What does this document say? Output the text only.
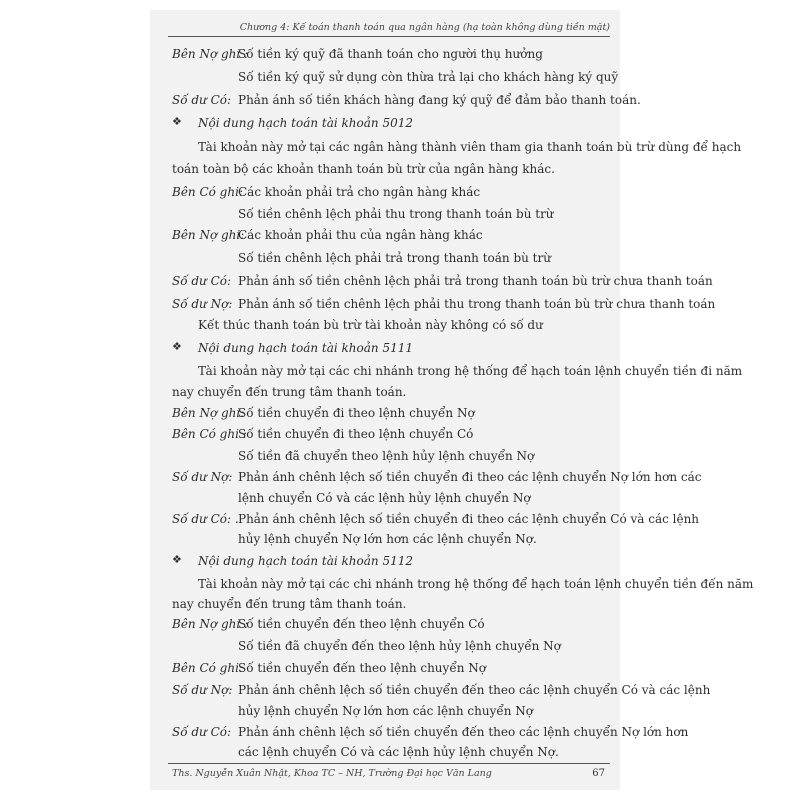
Chương 4: Kế toán thanh toán qua ngân hàng (hạ toàn không dùng tiền mặt)
Bên Nợ ghi :
Số tiền ký quỹ đã thanh toán cho người thụ hưởng
Số tiền ký quỹ sử dụng còn thừa trả lại cho khách hàng ký quỹ
Số dư Có: Phản ánh số tiền khách hàng đang ký quỹ để đảm bảo thanh toán.
❖ Nội dung hạch toán tài khoản 5012
Tài khoản này mở tại các ngân hàng thành viên tham gia thanh toán bù trừ dùng để hạch
toán toàn bộ các khoản thanh toán bù trừ của ngân hàng khác.
Bên Có ghi:
Các khoản phải trả cho ngân hàng khác
Số tiền chênh lệch phải thu trong thanh toán bù trừ
Bên Nợ ghi:
Các khoản phải thu của ngân hàng khác
Số tiền chênh lệch phải trả trong thanh toán bù trừ
Số dư Có: Phản ánh số tiền chênh lệch phải trả trong thanh toán bù trừ chưa thanh toán
Số dư Nợ: Phản ánh số tiền chênh lệch phải thu trong thanh toán bù trừ chưa thanh toán
Kết thúc thanh toán bù trừ tài khoản này không có số dư
❖ Nội dung hạch toán tài khoản 5111
Tài khoản này mở tại các chi nhánh trong hệ thống để hạch toán lệnh chuyển tiền đi năm
nay chuyển đến trung tâm thanh toán.
Bên Nợ ghi:
Số tiền chuyển đi theo lệnh chuyển Nợ
Bên Có ghi :
Số tiền chuyển đi theo lệnh chuyển Có
Số tiền đã chuyển theo lệnh hủy lệnh chuyển Nợ
Số dư Nợ: Phản ánh chênh lệch số tiền chuyển đi theo các lệnh chuyển Nợ lớn hơn các
lệnh chuyển Có và các lệnh hủy lệnh chuyển Nợ
Số dư Có: . Phản ánh chênh lệch số tiền chuyển đi theo các lệnh chuyển Có và các lệnh
hủy lệnh chuyển Nợ lớn hơn các lệnh chuyển Nợ.
❖ Nội dung hạch toán tài khoản 5112
Tài khoản này mở tại các chi nhánh trong hệ thống để hạch toán lệnh chuyển tiền đến năm
nay chuyển đến trung tâm thanh toán.
Bên Nợ ghi :
Số tiền chuyển đến theo lệnh chuyển Có
Số tiền đã chuyển đến theo lệnh hủy lệnh chuyển Nợ
Bên Có ghi:
Số tiền chuyển đến theo lệnh chuyển Nợ
Số dư Nợ: Phản ánh chênh lệch số tiền chuyển đến theo các lệnh chuyển Có và các lệnh
hủy lệnh chuyển Nợ lớn hơn các lệnh chuyển Nợ
Số dư Có: Phản ánh chênh lệch số tiền chuyển đến theo các lệnh chuyển Nợ lớn hơn
các lệnh chuyển Có và các lệnh hủy lệnh chuyển Nợ.
Ths. Nguyễn Xuân Nhật, Khoa TC – NH, Trường Đại học Văn Lang	67
